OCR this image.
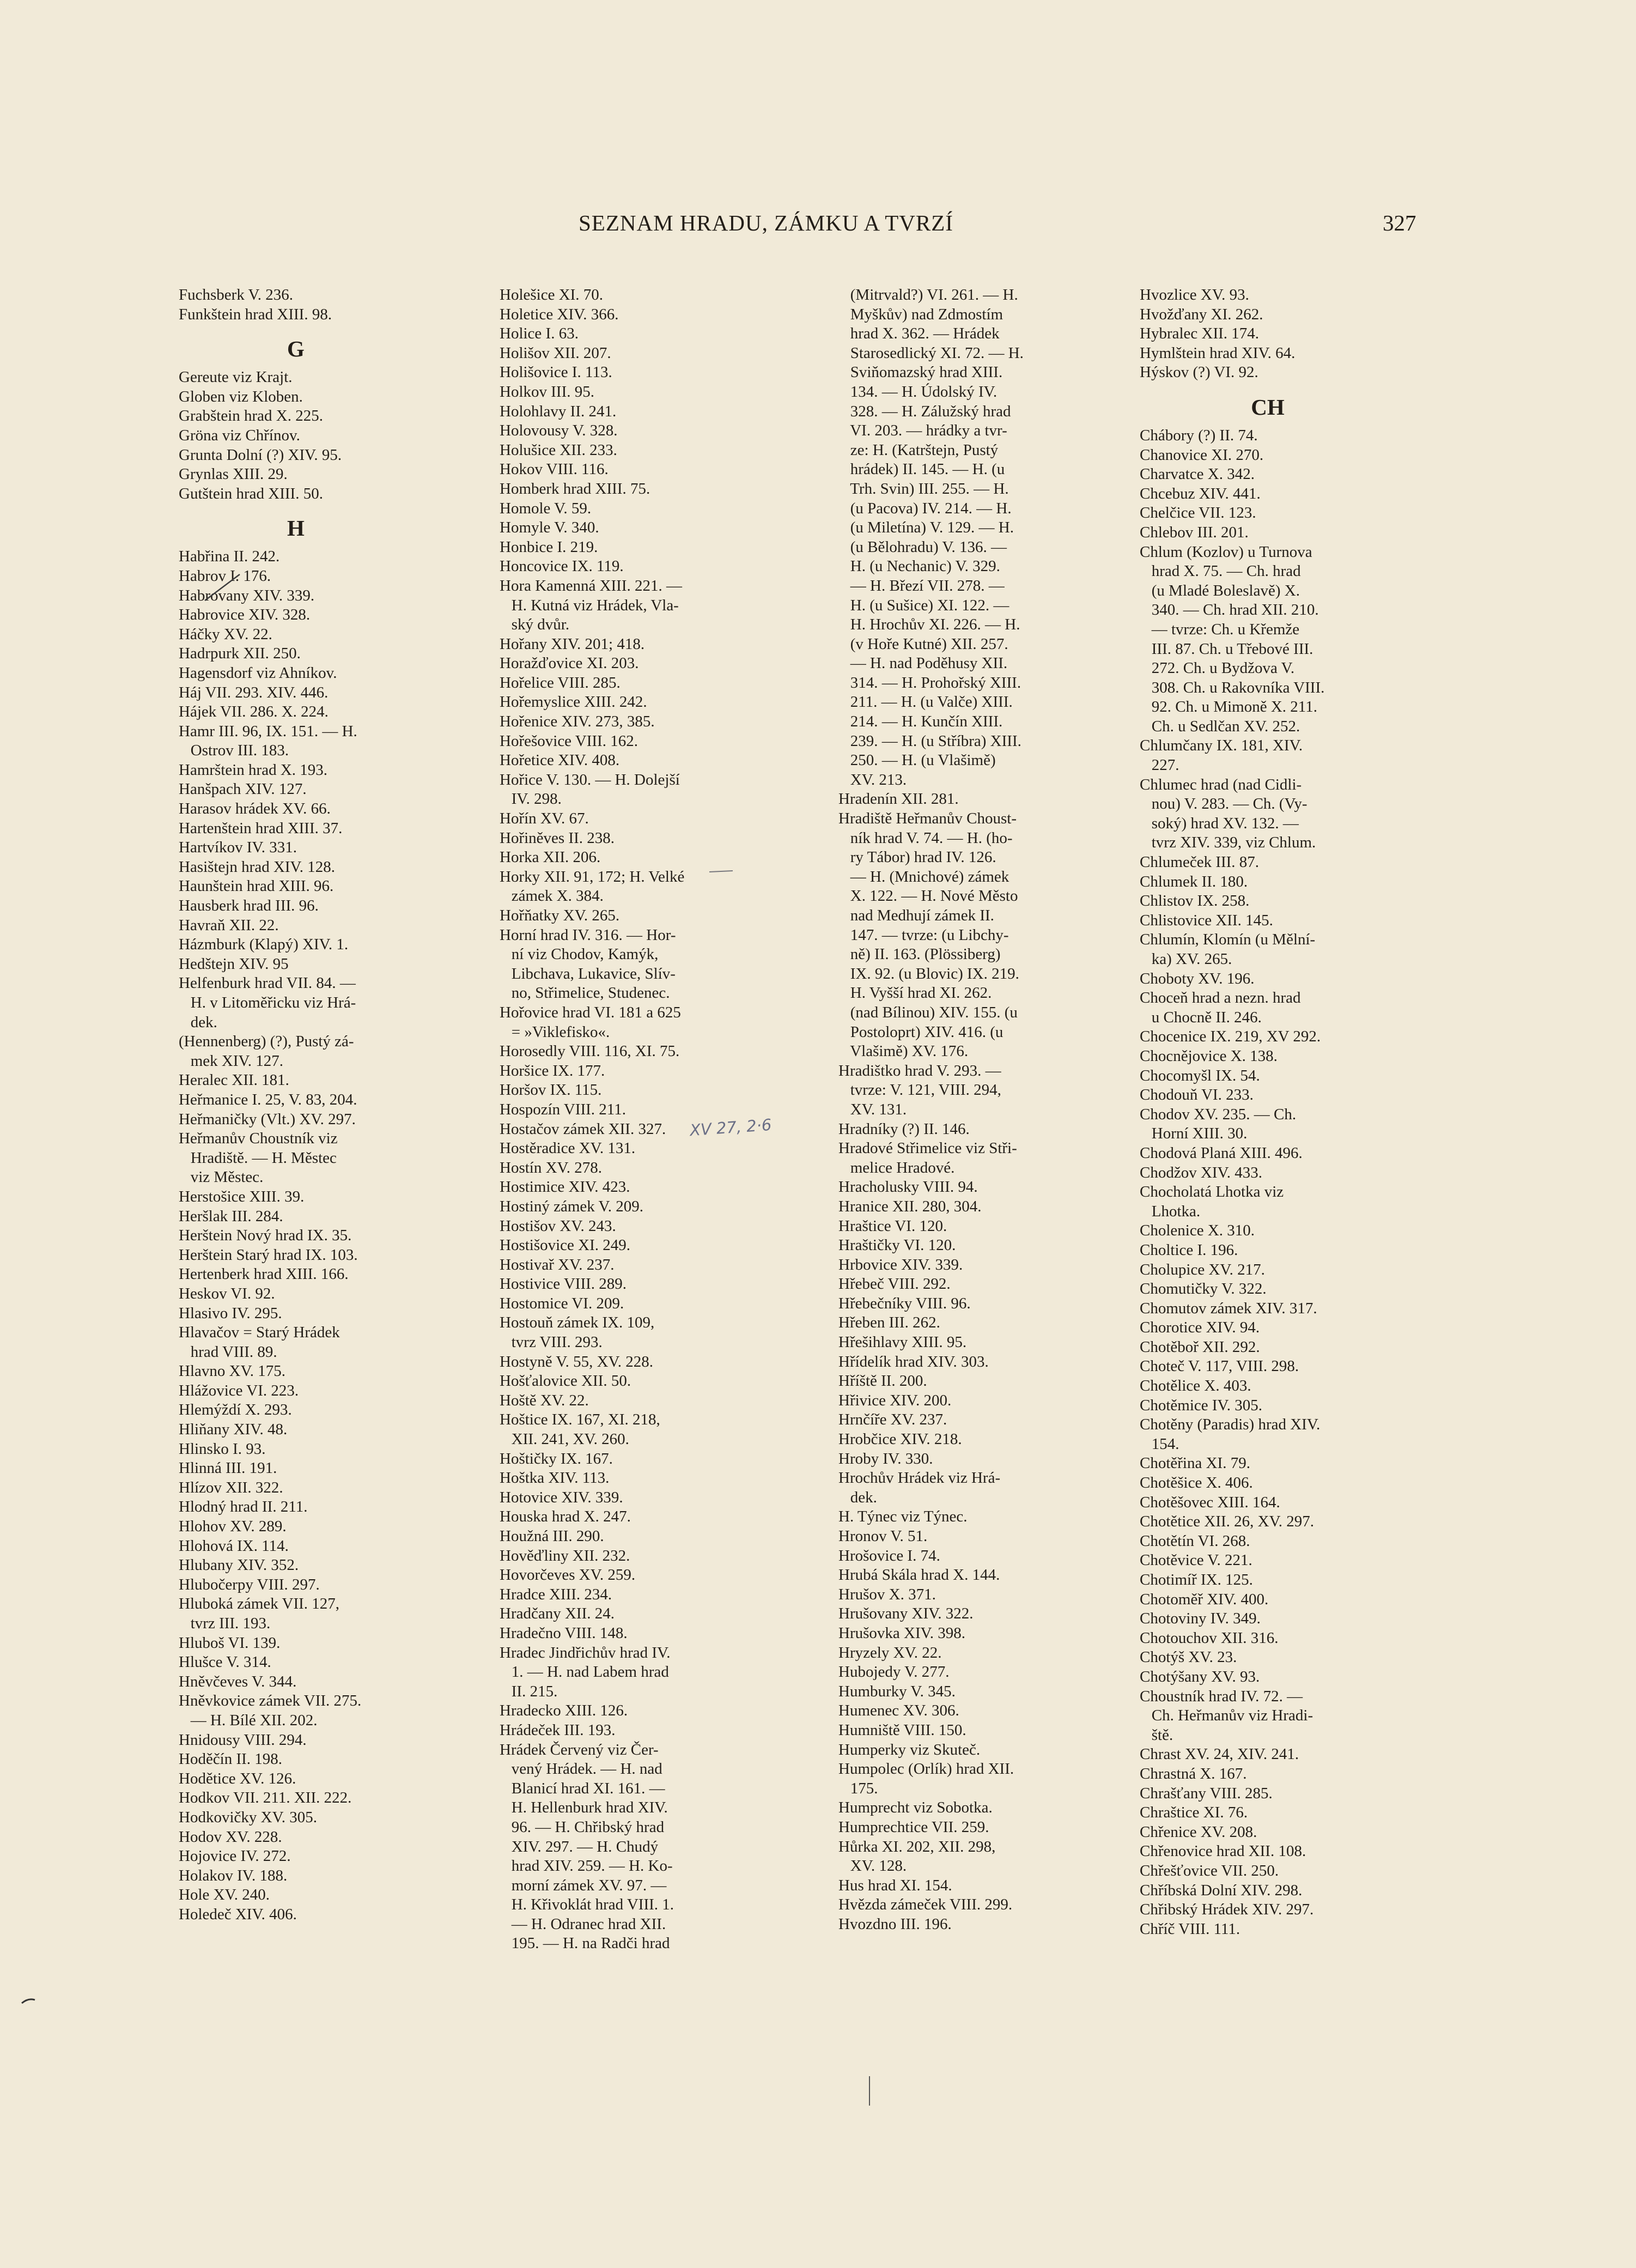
SEZNAM HRADU, ZÁMKU A TVRZÍ	327
Fuchsberk V. 236.
Funkštein hrad XIII. 98.
G
Gereute viz Krajt.
Globen viz Kloben.
Grabštein hrad X. 225.
Gröna viz Chřínov.
Grunta Dolní (?) XIV. 95.
Grynlas XIII. 29.
Gutštein hrad XIII. 50.
H
Habřina II. 242.
Habrov I. 176.
Habrovany XIV. 339.
Habrovice XIV. 328.
Háčky XV. 22.
Hadrpurk XII. 250.
Hagensdorf viz Ahníkov.
Háj VII. 293. XIV. 446.
Hájek VII. 286. X. 224.
Hamr III. 96, IX. 151. — H.
Ostrov III. 183.
Hamrštein hrad X. 193.
Hanšpach XIV. 127.
Harasov hrádek XV. 66.
Hartenštein hrad XIII. 37.
Hartvíkov IV. 331.
Hasištejn hrad XIV. 128.
Haunštein hrad XIII. 96.
Hausberk hrad III. 96.
Havraň XII. 22.
Házmburk (Klapý) XIV. 1.
Hedštejn XIV. 95
Helfenburk hrad VII. 84. —
H. v Litoměřicku viz Hrá-
dek.
(Hennenberg) (?), Pustý zá-
mek XIV. 127.
Heralec XII. 181.
Heřmanice I. 25, V. 83, 204.
Heřmaničky (Vlt.) XV. 297.
Heřmanův Choustník viz
Hradiště. — H. Městec
viz Městec.
Herstošice XIII. 39.
Heršlak III. 284.
Herštein Nový hrad IX. 35.
Herštein Starý hrad IX. 103.
Hertenberk hrad XIII. 166.
Heskov VI. 92.
Hlasivo IV. 295.
Hlavačov = Starý Hrádek
hrad VIII. 89.
Hlavno XV. 175.
Hlážovice VI. 223.
Hlemýždí X. 293.
Hliňany XIV. 48.
Hlinsko I. 93.
Hlinná III. 191.
Hlízov XII. 322.
Hlodný hrad II. 211.
Hlohov XV. 289.
Hlohová IX. 114.
Hlubany XIV. 352.
Hlubočerpy VIII. 297.
Hluboká zámek VII. 127,
tvrz III. 193.
Hluboš VI. 139.
Hlušce V. 314.
Hněvčeves V. 344.
Hněvkovice zámek VII. 275.
— H. Bílé XII. 202.
Hnidousy VIII. 294.
Hoděčín II. 198.
Hodětice XV. 126.
Hodkov VII. 211. XII. 222.
Hodkovičky XV. 305.
Hodov XV. 228.
Hojovice IV. 272.
Holakov IV. 188.
Hole XV. 240.
Holedeč XIV. 406.
Holešice XI. 70.
Holetice XIV. 366.
Holice I. 63.
Holišov XII. 207.
Holišovice I. 113.
Holkov III. 95.
Holohlavy II. 241.
Holovousy V. 328.
Holušice XII. 233.
Hokov VIII. 116.
Homberk hrad XIII. 75.
Homole V. 59.
Homyle V. 340.
Honbice I. 219.
Honcovice IX. 119.
Hora Kamenná XIII. 221. —
H. Kutná viz Hrádek, Vla-
ský dvůr.
Hořany XIV. 201; 418.
Horažďovice XI. 203.
Hořelice VIII. 285.
Hořemyslice XIII. 242.
Hořenice XIV. 273, 385.
Hořešovice VIII. 162.
Hořetice XIV. 408.
Hořice V. 130. — H. Dolejší
IV. 298.
Hořín XV. 67.
Hořiněves II. 238.
Horka XII. 206.
Horky XII. 91, 172; H. Velké
zámek X. 384.
Hořňatky XV. 265.
Horní hrad IV. 316. — Hor-
ní viz Chodov, Kamýk,
Libchava, Lukavice, Slív-
no, Střimelice, Studenec.
Hořovice hrad VI. 181 a 625
= »Viklefisko«.
Horosedly VIII. 116, XI. 75.
Horšice IX. 177.
Horšov IX. 115.
Hospozín VIII. 211.
Hostačov zámek XII. 327.
Hostěradice XV. 131.
Hostín XV. 278.
Hostimice XIV. 423.
Hostiný zámek V. 209.
Hostišov XV. 243.
Hostišovice XI. 249.
Hostivař XV. 237.
Hostivice VIII. 289.
Hostomice VI. 209.
Hostouň zámek IX. 109,
tvrz VIII. 293.
Hostyně V. 55, XV. 228.
Hošťalovice XII. 50.
Hoště XV. 22.
Hoštice IX. 167, XI. 218,
XII. 241, XV. 260.
Hoštičky IX. 167.
Hoštka XIV. 113.
Hotovice XIV. 339.
Houska hrad X. 247.
Houžná III. 290.
Hověďliny XII. 232.
Hovorčeves XV. 259.
Hradce XIII. 234.
Hradčany XII. 24.
Hradečno VIII. 148.
Hradec Jindřichův hrad IV.
1. — H. nad Labem hrad
II. 215.
Hradecko XIII. 126.
Hrádeček III. 193.
Hrádek Červený viz Čer-
vený Hrádek. — H. nad
Blanicí hrad XI. 161. —
H. Hellenburk hrad XIV.
96. — H. Chřibský hrad
XIV. 297. — H. Chudý
hrad XIV. 259. — H. Ko-
morní zámek XV. 97. —
H. Křivoklát hrad VIII. 1.
— H. Odranec hrad XII.
195. — H. na Radči hrad
(Mitrvald?) VI. 261. — H.
Myškův) nad Zdmostím
hrad X. 362. — Hrádek
Starosedlický XI. 72. — H.
Sviňomazský hrad XIII.
134. — H. Údolský IV.
328. — H. Zálužský hrad
VI. 203. — hrádky a tvr-
ze: H. (Katrštejn, Pustý
hrádek) II. 145. — H. (u
Trh. Svin) III. 255. — H.
(u Pacova) IV. 214. — H.
(u Miletína) V. 129. — H.
(u Bělohradu) V. 136. —
H. (u Nechanic) V. 329.
— H. Březí VII. 278. —
H. (u Sušice) XI. 122. —
H. Hrochův XI. 226. — H.
(v Hoře Kutné) XII. 257.
— H. nad Poděhusy XII.
314. — H. Prohořský XIII.
211. — H. (u Valče) XIII.
214. — H. Kunčín XIII.
239. — H. (u Stříbra) XIII.
250. — H. (u Vlašimě)
XV. 213.
Hradenín XII. 281.
Hradiště Heřmanův Choust-
ník hrad V. 74. — H. (ho-
ry Tábor) hrad IV. 126.
— H. (Mnichové) zámek
X. 122. — H. Nové Město
nad Medhují zámek II.
147. — tvrze: (u Libchy-
ně) II. 163. (Plössiberg)
IX. 92. (u Blovic) IX. 219.
H. Vyšší hrad XI. 262.
(nad Bílinou) XIV. 155. (u
Postoloprt) XIV. 416. (u
Vlašimě) XV. 176.
Hradištko hrad V. 293. —
tvrze: V. 121, VIII. 294,
XV. 131.
Hradníky (?) II. 146.
Hradové Střimelice viz Stři-
melice Hradové.
Hracholusky VIII. 94.
Hranice XII. 280, 304.
Hraštice VI. 120.
Hraštičky VI. 120.
Hrbovice XIV. 339.
Hřebeč VIII. 292.
Hřebečníky VIII. 96.
Hřeben III. 262.
Hřešihlavy XIII. 95.
Hřídelík hrad XIV. 303.
Hříště II. 200.
Hřivice XIV. 200.
Hrnčíře XV. 237.
Hrobčice XIV. 218.
Hroby IV. 330.
Hrochův Hrádek viz Hrá-
dek.
H. Týnec viz Týnec.
Hronov V. 51.
Hrošovice I. 74.
Hrubá Skála hrad X. 144.
Hrušov X. 371.
Hrušovany XIV. 322.
Hrušovka XIV. 398.
Hryzely XV. 22.
Hubojedy V. 277.
Humburky V. 345.
Humenec XV. 306.
Humniště VIII. 150.
Humperky viz Skuteč.
Humpolec (Orlík) hrad XII.
175.
Humprecht viz Sobotka.
Humprechtice VII. 259.
Hůrka XI. 202, XII. 298,
XV. 128.
Hus hrad XI. 154.
Hvězda zámeček VIII. 299.
Hvozdno III. 196.
Hvozlice XV. 93.
Hvožďany XI. 262.
Hybralec XII. 174.
Hymlštein hrad XIV. 64.
Hýskov (?) VI. 92.
CH
Chábory (?) II. 74.
Chanovice XI. 270.
Charvatce X. 342.
Chcebuz XIV. 441.
Chelčice VII. 123.
Chlebov III. 201.
Chlum (Kozlov) u Turnova
hrad X. 75. — Ch. hrad
(u Mladé Boleslavě) X.
340. — Ch. hrad XII. 210.
— tvrze: Ch. u Křemže
III. 87. Ch. u Třebové III.
272. Ch. u Bydžova V.
308. Ch. u Rakovníka VIII.
92. Ch. u Mimoně X. 211.
Ch. u Sedlčan XV. 252.
Chlumčany IX. 181, XIV.
227.
Chlumec hrad (nad Cidli-
nou) V. 283. — Ch. (Vy-
soký) hrad XV. 132. —
tvrz XIV. 339, viz Chlum.
Chlumeček III. 87.
Chlumek II. 180.
Chlistov IX. 258.
Chlistovice XII. 145.
Chlumín, Klomín (u Mělní-
ka) XV. 265.
Choboty XV. 196.
Choceň hrad a nezn. hrad
u Chocně II. 246.
Chocenice IX. 219, XV 292.
Chocnějovice X. 138.
Chocomyšl IX. 54.
Chodouň VI. 233.
Chodov XV. 235. — Ch.
Horní XIII. 30.
Chodová Planá XIII. 496.
Chodžov XIV. 433.
Chocholatá Lhotka viz
Lhotka.
Cholenice X. 310.
Choltice I. 196.
Cholupice XV. 217.
Chomutičky V. 322.
Chomutov zámek XIV. 317.
Chorotice XIV. 94.
Chotěboř XII. 292.
Choteč V. 117, VIII. 298.
Chotělice X. 403.
Chotěmice IV. 305.
Chotěny (Paradis) hrad XIV.
154.
Chotěřina XI. 79.
Chotěšice X. 406.
Chotěšovec XIII. 164.
Chotětice XII. 26, XV. 297.
Chotětín VI. 268.
Chotěvice V. 221.
Chotimíř IX. 125.
Chotoměř XIV. 400.
Chotoviny IV. 349.
Chotouchov XII. 316.
Chotýš XV. 23.
Chotýšany XV. 93.
Choustník hrad IV. 72. —
Ch. Heřmanův viz Hradi-
ště.
Chrast XV. 24, XIV. 241.
Chrastná X. 167.
Chrašťany VIII. 285.
Chraštice XI. 76.
Chřenice XV. 208.
Chřenovice hrad XII. 108.
Chřešťovice VII. 250.
Chříbská Dolní XIV. 298.
Chřibský Hrádek XIV. 297.
Chříč VIII. 111.
XV 27, 2·6
